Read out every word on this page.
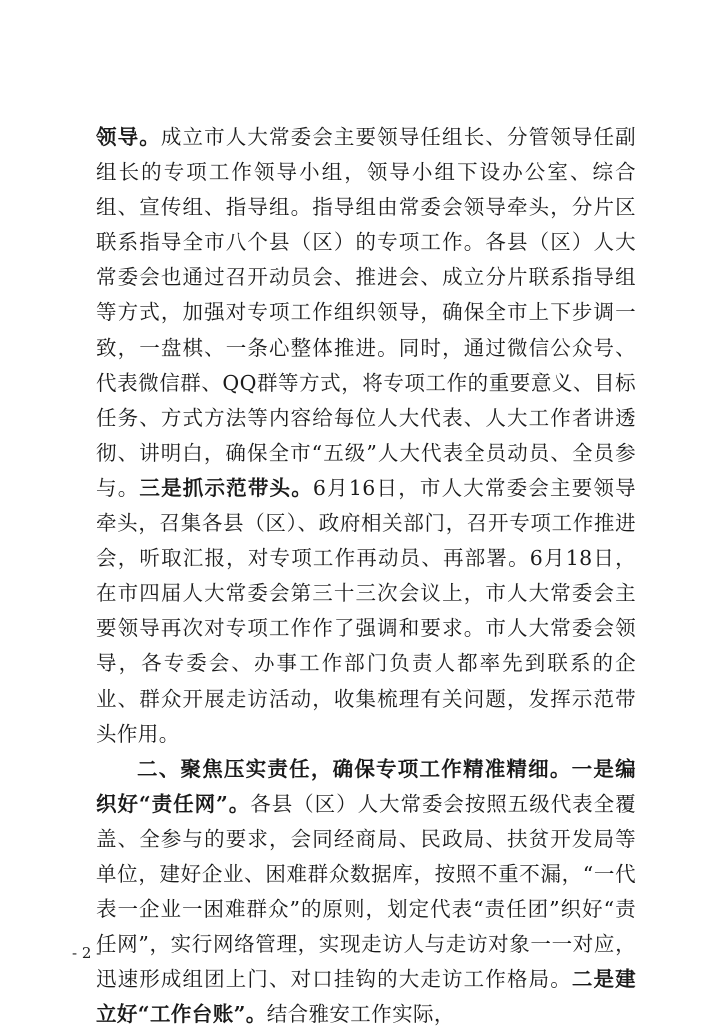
领导。成立市人大常委会主要领导任组长、分管领导任副组长的专项工作领导小组，领导小组下设办公室、综合组、宣传组、指导组。指导组由常委会领导牵头，分片区联系指导全市八个县（区）的专项工作。各县（区）人大常委会也通过召开动员会、推进会、成立分片联系指导组等方式，加强对专项工作组织领导，确保全市上下步调一致，一盘棋、一条心整体推进。同时，通过微信公众号、代表微信群、QQ群等方式，将专项工作的重要意义、目标任务、方式方法等内容给每位人大代表、人大工作者讲透彻、讲明白，确保全市“五级”人大代表全员动员、全员参与。三是抓示范带头。6月16日，市人大常委会主要领导牵头，召集各县（区）、政府相关部门，召开专项工作推进会，听取汇报，对专项工作再动员、再部署。6月18日，在市四届人大常委会第三十三次会议上，市人大常委会主要领导再次对专项工作作了强调和要求。市人大常委会领导，各专委会、办事工作部门负责人都率先到联系的企业、群众开展走访活动，收集梳理有关问题，发挥示范带头作用。

二、聚焦压实责任，确保专项工作精准精细。一是编织好“责任网”。各县（区）人大常委会按照五级代表全覆盖、全参与的要求，会同经商局、民政局、扶贫开发局等单位，建好企业、困难群众数据库，按照不重不漏，“一代表一企业一困难群众”的原则，划定代表“责任团”织好“责任网”，实行网络管理，实现走访人与走访对象一一对应，迅速形成组团上门、对口挂钩的大走访工作格局。二是建立好“工作台账”。结合雅安工作实际，

- 2 -
